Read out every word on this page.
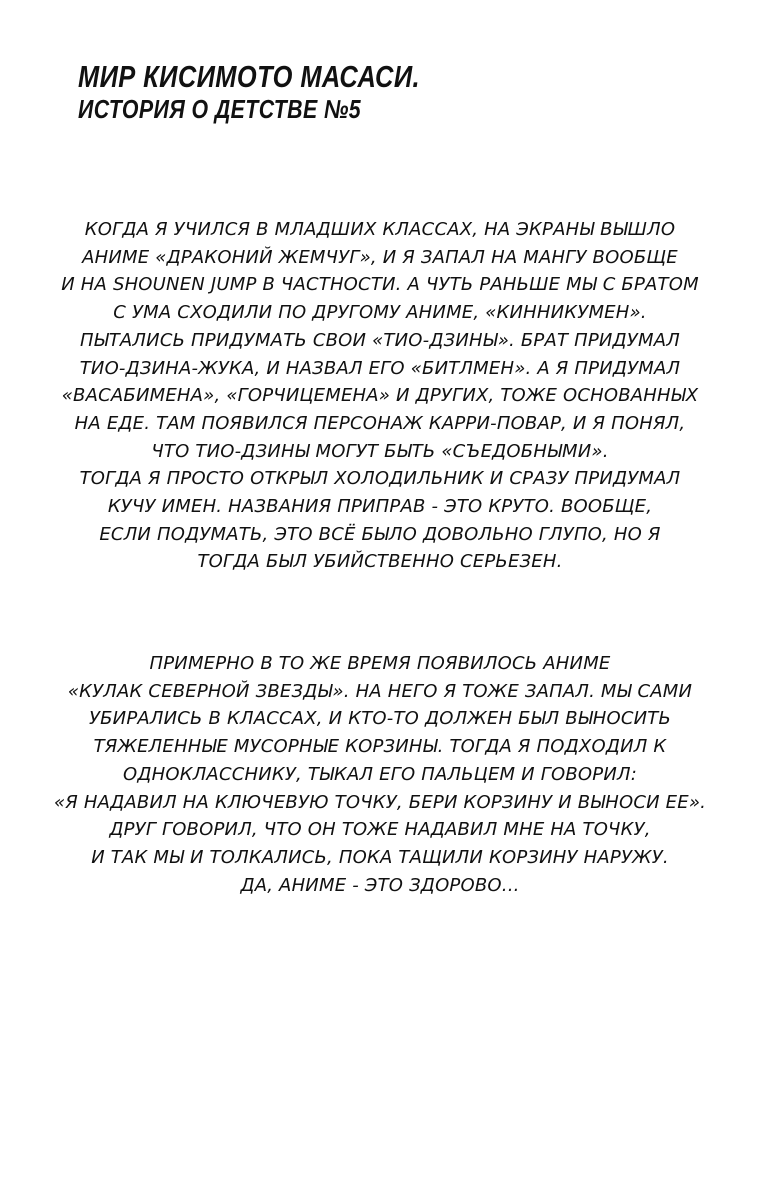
МИР КИСИМОТО МАСАСИ.
ИСТОРИЯ О ДЕТСТВЕ №5
КОГДА Я УЧИЛСЯ В МЛАДШИХ КЛАССАХ, НА ЭКРАНЫ ВЫШЛО
АНИМЕ «ДРАКОНИЙ ЖЕМЧУГ», И Я ЗАПАЛ НА МАНГУ ВООБЩЕ
И НА SHOUNEN JUMP В ЧАСТНОСТИ. А ЧУТЬ РАНЬШЕ МЫ С БРАТОМ
С УМА СХОДИЛИ ПО ДРУГОМУ АНИМЕ, «КИННИКУМЕН».
ПЫТАЛИСЬ ПРИДУМАТЬ СВОИ «ТИО-ДЗИНЫ». БРАТ ПРИДУМАЛ
ТИО-ДЗИНА-ЖУКА, И НАЗВАЛ ЕГО «БИТЛМЕН». А Я ПРИДУМАЛ
«ВАСАБИМЕНА», «ГОРЧИЦЕМЕНА» И ДРУГИХ, ТОЖЕ ОСНОВАННЫХ
НА ЕДЕ. ТАМ ПОЯВИЛСЯ ПЕРСОНАЖ КАРРИ-ПОВАР, И Я ПОНЯЛ,
ЧТО ТИО-ДЗИНЫ МОГУТ БЫТЬ «СЪЕДОБНЫМИ».
ТОГДА Я ПРОСТО ОТКРЫЛ ХОЛОДИЛЬНИК И СРАЗУ ПРИДУМАЛ
КУЧУ ИМЕН. НАЗВАНИЯ ПРИПРАВ - ЭТО КРУТО. ВООБЩЕ,
ЕСЛИ ПОДУМАТЬ, ЭТО ВСЁ БЫЛО ДОВОЛЬНО ГЛУПО, НО Я
ТОГДА БЫЛ УБИЙСТВЕННО СЕРЬЕЗЕН.
ПРИМЕРНО В ТО ЖЕ ВРЕМЯ ПОЯВИЛОСЬ АНИМЕ
«КУЛАК СЕВЕРНОЙ ЗВЕЗДЫ». НА НЕГО Я ТОЖЕ ЗАПАЛ. МЫ САМИ
УБИРАЛИСЬ В КЛАССАХ, И КТО-ТО ДОЛЖЕН БЫЛ ВЫНОСИТЬ
ТЯЖЕЛЕННЫЕ МУСОРНЫЕ КОРЗИНЫ. ТОГДА Я ПОДХОДИЛ К
ОДНОКЛАССНИКУ, ТЫКАЛ ЕГО ПАЛЬЦЕМ И ГОВОРИЛ:
«Я НАДАВИЛ НА КЛЮЧЕВУЮ ТОЧКУ, БЕРИ КОРЗИНУ И ВЫНОСИ ЕЕ».
ДРУГ ГОВОРИЛ, ЧТО ОН ТОЖЕ НАДАВИЛ МНЕ НА ТОЧКУ,
И ТАК МЫ И ТОЛКАЛИСЬ, ПОКА ТАЩИЛИ КОРЗИНУ НАРУЖУ.
ДА, АНИМЕ - ЭТО ЗДОРОВО...
